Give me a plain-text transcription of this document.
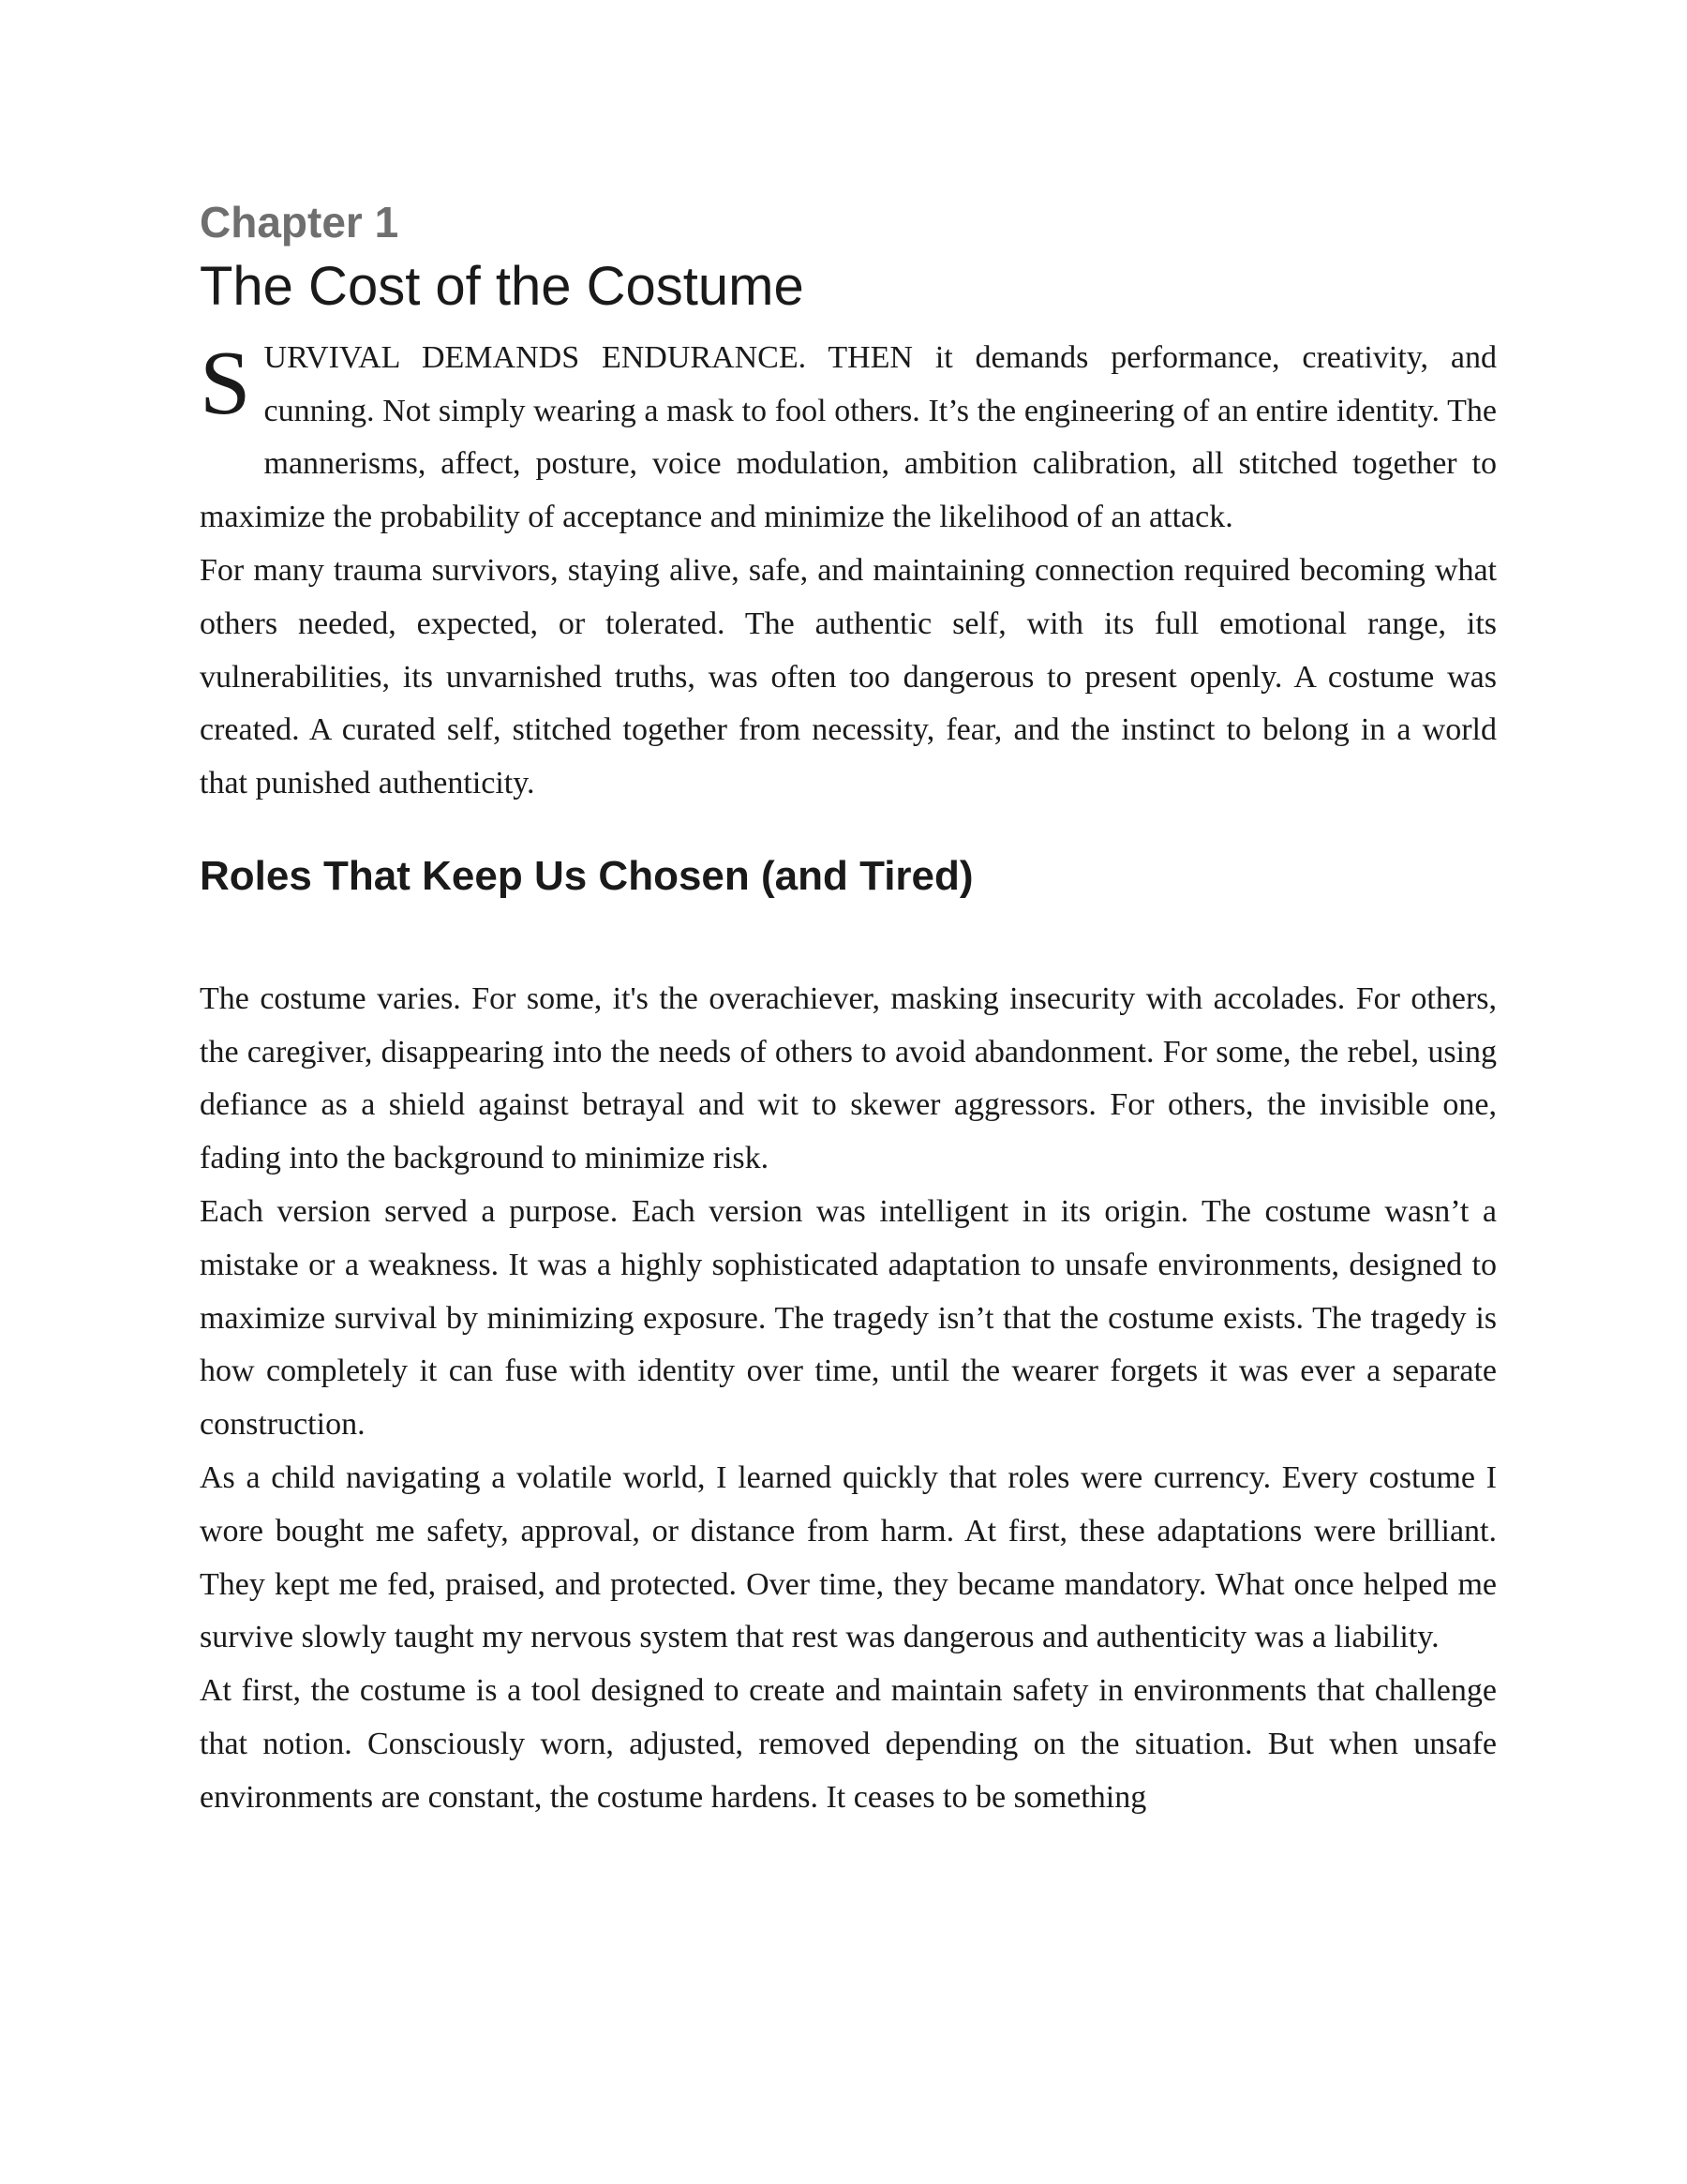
Chapter 1
The Cost of the Costume

S URVIVAL DEMANDS ENDURANCE. THEN it demands performance, creativity, and cunning. Not simply wearing a mask to fool others. It’s the engineering of an entire identity. The mannerisms, affect, posture, voice modulation, ambition calibration, all stitched together to maximize the probability of acceptance and minimize the likelihood of an attack.

For many trauma survivors, staying alive, safe, and maintaining connection required becoming what others needed, expected, or tolerated. The authentic self, with its full emotional range, its vulnerabilities, its unvarnished truths, was often too dangerous to present openly. A costume was created. A curated self, stitched together from necessity, fear, and the instinct to belong in a world that punished authenticity.

Roles That Keep Us Chosen (and Tired)

The costume varies. For some, it's the overachiever, masking insecurity with accolades. For others, the caregiver, disappearing into the needs of others to avoid abandonment. For some, the rebel, using defiance as a shield against betrayal and wit to skewer aggressors. For others, the invisible one, fading into the background to minimize risk.

Each version served a purpose. Each version was intelligent in its origin. The costume wasn’t a mistake or a weakness. It was a highly sophisticated adaptation to unsafe environments, designed to maximize survival by minimizing exposure. The tragedy isn’t that the costume exists. The tragedy is how completely it can fuse with identity over time, until the wearer forgets it was ever a separate construction.

As a child navigating a volatile world, I learned quickly that roles were currency. Every costume I wore bought me safety, approval, or distance from harm. At first, these adaptations were brilliant. They kept me fed, praised, and protected. Over time, they became mandatory. What once helped me survive slowly taught my nervous system that rest was dangerous and authenticity was a liability.

At first, the costume is a tool designed to create and maintain safety in environments that challenge that notion. Consciously worn, adjusted, removed depending on the situation. But when unsafe environments are constant, the costume hardens. It ceases to be something
